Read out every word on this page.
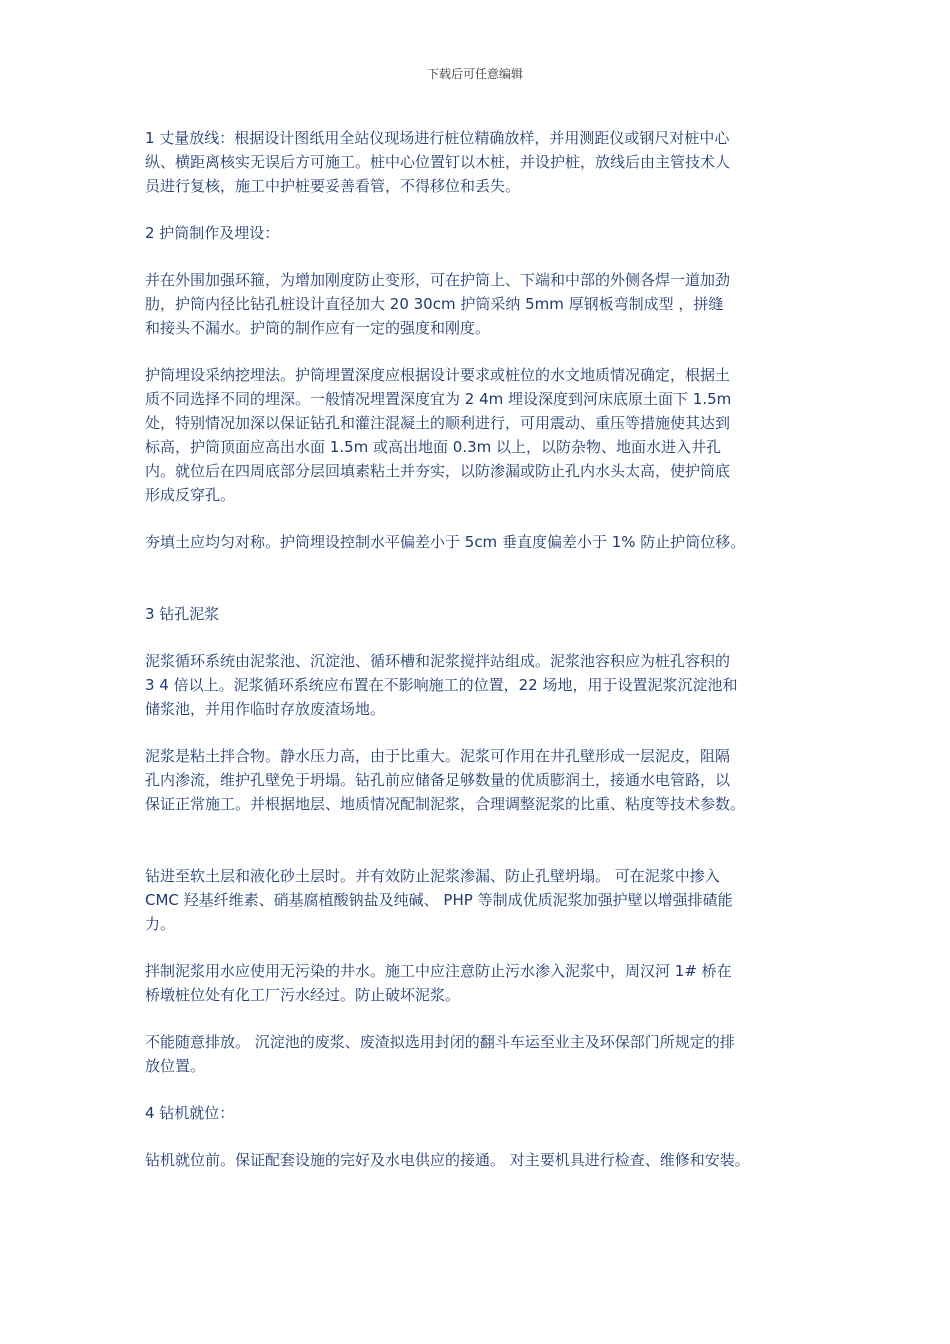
下载后可任意编辑

1 丈量放线：根据设计图纸用全站仪现场进行桩位精确放样，并用测距仪或钢尺对桩中心
纵、横距离核实无误后方可施工。桩中心位置钉以木桩，并设护桩，放线后由主管技术人
员进行复核，施工中护桩要妥善看管，不得移位和丢失。

2 护筒制作及埋设：

并在外围加强环箍，为增加刚度防止变形，可在护筒上、下端和中部的外侧各焊一道加劲
肋，护筒内径比钻孔桩设计直径加大 20 30cm 护筒采纳 5mm 厚钢板弯制成型 ，拼缝
和接头不漏水。护筒的制作应有一定的强度和刚度。

护筒埋设采纳挖埋法。护筒埋置深度应根据设计要求或桩位的水文地质情况确定，根据土
质不同选择不同的埋深。一般情况埋置深度宜为 2 4m 埋设深度到河床底原土面下 1.5m
处，特别情况加深以保证钻孔和灌注混凝土的顺利进行，可用震动、重压等措施使其达到
标高，护筒顶面应高出水面 1.5m 或高出地面 0.3m 以上，以防杂物、地面水进入井孔
内。就位后在四周底部分层回填素粘土并夯实，以防渗漏或防止孔内水头太高，使护筒底
形成反穿孔。

夯填土应均匀对称。护筒埋设控制水平偏差小于 5cm 垂直度偏差小于 1% 防止护筒位移。

3 钻孔泥浆

泥浆循环系统由泥浆池、沉淀池、循环槽和泥浆搅拌站组成。泥浆池容积应为桩孔容积的
3 4 倍以上。泥浆循环系统应布置在不影响施工的位置，22 场地，用于设置泥浆沉淀池和
储浆池，并用作临时存放废渣场地。

泥浆是粘土拌合物。静水压力高，由于比重大。泥浆可作用在井孔壁形成一层泥皮，阻隔
孔内渗流，维护孔壁免于坍塌。钻孔前应储备足够数量的优质膨润土，接通水电管路，以
保证正常施工。并根据地层、地质情况配制泥浆，合理调整泥浆的比重、粘度等技术参数。

钻进至软土层和液化砂土层时。并有效防止泥浆渗漏、防止孔壁坍塌。 可在泥浆中掺入
CMC 羟基纤维素、硝基腐植酸钠盐及纯碱、 PHP 等制成优质泥浆加强护壁以增强排碴能
力。

拌制泥浆用水应使用无污染的井水。施工中应注意防止污水渗入泥浆中，周汉河 1# 桥在
桥墩桩位处有化工厂污水经过。防止破坏泥浆。

不能随意排放。 沉淀池的废浆、废渣拟选用封闭的翻斗车运至业主及环保部门所规定的排
放位置。

4 钻机就位：

钻机就位前。保证配套设施的完好及水电供应的接通。 对主要机具进行检查、维修和安装。
